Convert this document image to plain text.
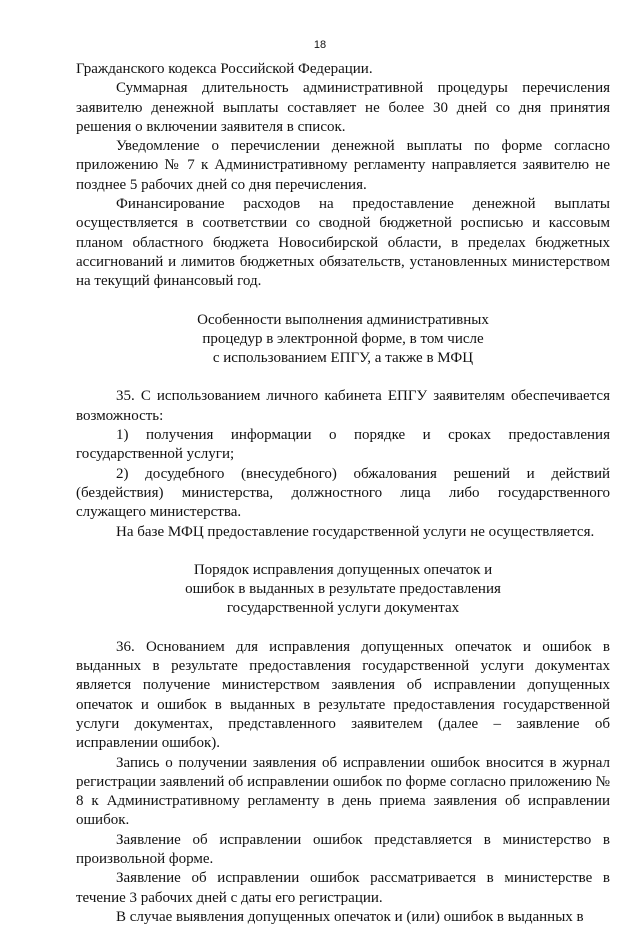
18

Гражданского кодекса Российской Федерации.

Суммарная длительность административной процедуры перечисления заявителю денежной выплаты составляет не более 30 дней со дня принятия решения о включении заявителя в список.

Уведомление о перечислении денежной выплаты по форме согласно приложению № 7 к Административному регламенту направляется заявителю не позднее 5 рабочих дней со дня перечисления.

Финансирование расходов на предоставление денежной выплаты осуществляется в соответствии со сводной бюджетной росписью и кассовым планом областного бюджета Новосибирской области, в пределах бюджетных ассигнований и лимитов бюджетных обязательств, установленных министерством на текущий финансовый год.

Особенности выполнения административных

процедур в электронной форме, в том числе

с использованием ЕПГУ, а также в МФЦ

35. С использованием личного кабинета ЕПГУ заявителям обеспечивается возможность:

1) получения информации о порядке и сроках предоставления государственной услуги;

2) досудебного (внесудебного) обжалования решений и действий (бездействия) министерства, должностного лица либо государственного служащего министерства.

На базе МФЦ предоставление государственной услуги не осуществляется.

Порядок исправления допущенных опечаток и

ошибок в выданных в результате предоставления

государственной услуги документах

36. Основанием для исправления допущенных опечаток и ошибок в выданных в результате предоставления государственной услуги документах является получение министерством заявления об исправлении допущенных опечаток и ошибок в выданных в результате предоставления государственной услуги документах, представленного заявителем (далее – заявление об исправлении ошибок).

Запись о получении заявления об исправлении ошибок вносится в журнал регистрации заявлений об исправлении ошибок по форме согласно приложению № 8 к Административному регламенту в день приема заявления об исправлении ошибок.

Заявление об исправлении ошибок представляется в министерство в произвольной форме.

Заявление об исправлении ошибок рассматривается в министерстве в течение 3 рабочих дней с даты его регистрации.

В случае выявления допущенных опечаток и (или) ошибок в выданных в
